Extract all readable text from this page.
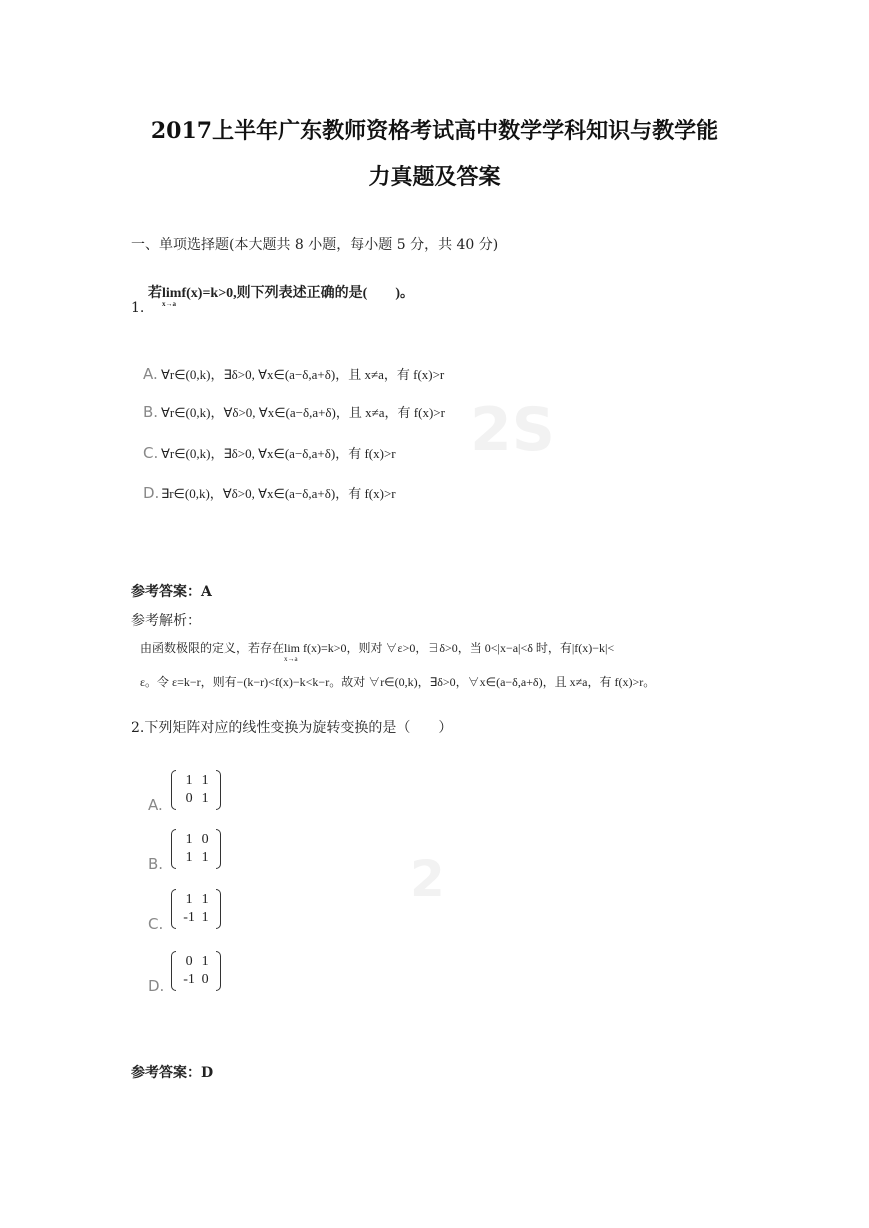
2017上半年广东教师资格考试高中数学学科知识与教学能
力真题及答案
一、单项选择题(本大题共 8 小题，每小题 5 分，共 40 分)
若lim
x→a
f(x)=k>0,则下列表述正确的是(　　)。
1.
A. ∀r∈(0,k)，∃δ>0, ∀x∈(a−δ,a+δ)，且 x≠a，有 f(x)>r
B. ∀r∈(0,k)，∀δ>0, ∀x∈(a−δ,a+δ)，且 x≠a，有 f(x)>r
C. ∀r∈(0,k)，∃δ>0, ∀x∈(a−δ,a+δ)，有 f(x)>r
D. ∃r∈(0,k)，∀δ>0, ∀x∈(a−δ,a+δ)，有 f(x)>r
2S
参考答案：A
参考解析：
由函数极限的定义，若存在lim
x→a
f(x)=k>0，则对 ∀ε>0，∃δ>0，当 0<|x−a|<δ 时，有|f(x)−k|<
ε。令 ε=k−r，则有−(k−r)<f(x)−k<k−r。故对 ∀r∈(0,k)，∃δ>0，∀x∈(a−δ,a+δ)，且 x≠a，有 f(x)>r。
2.下列矩阵对应的线性变换为旋转变换的是（　　）
A.
1 1
0 1
B.
1 0
1 1
C.
1 1
-1 1
D.
0 1
-1 0
2
参考答案：D
